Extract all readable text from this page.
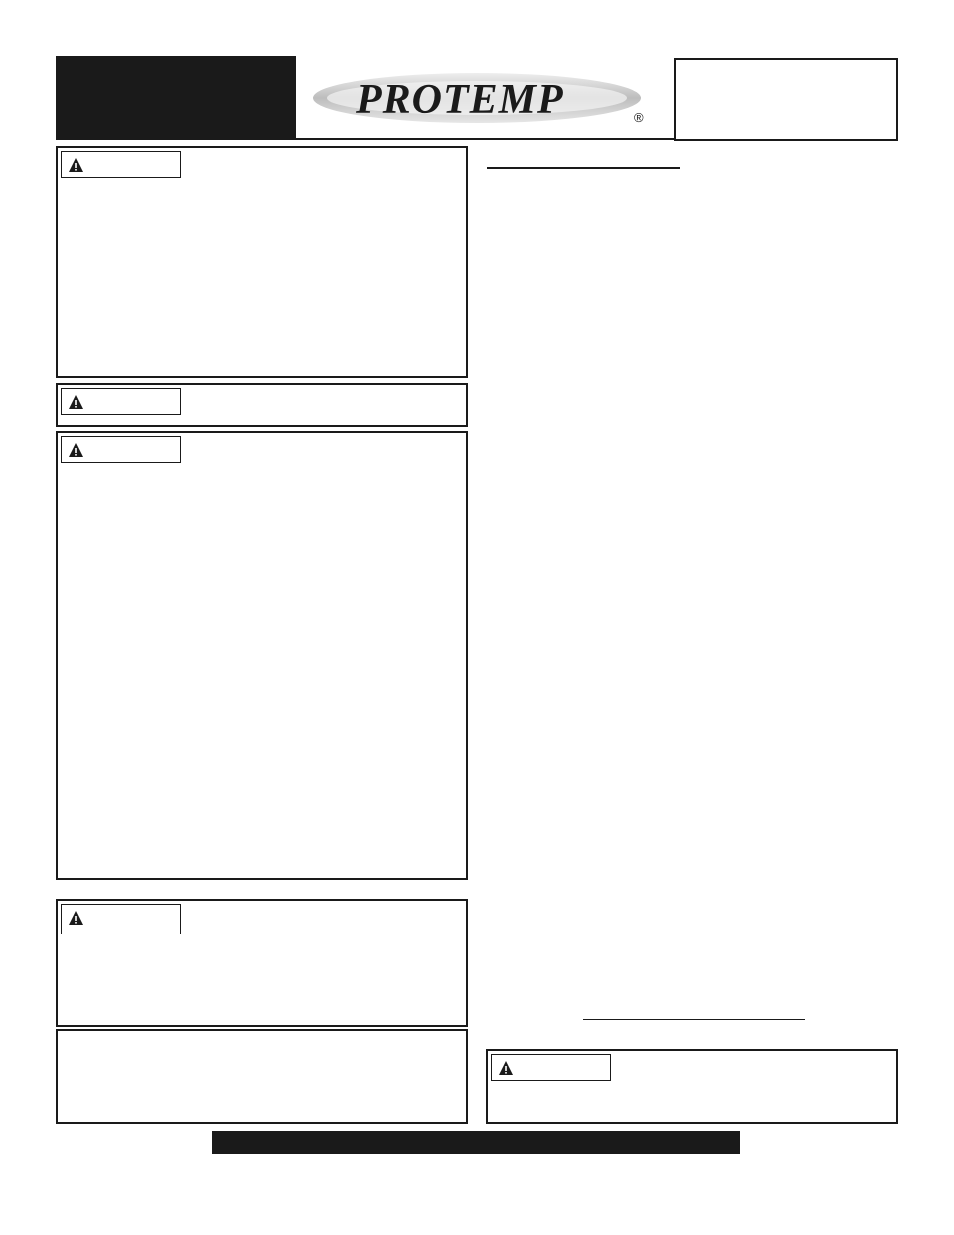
PROTEMP	®
